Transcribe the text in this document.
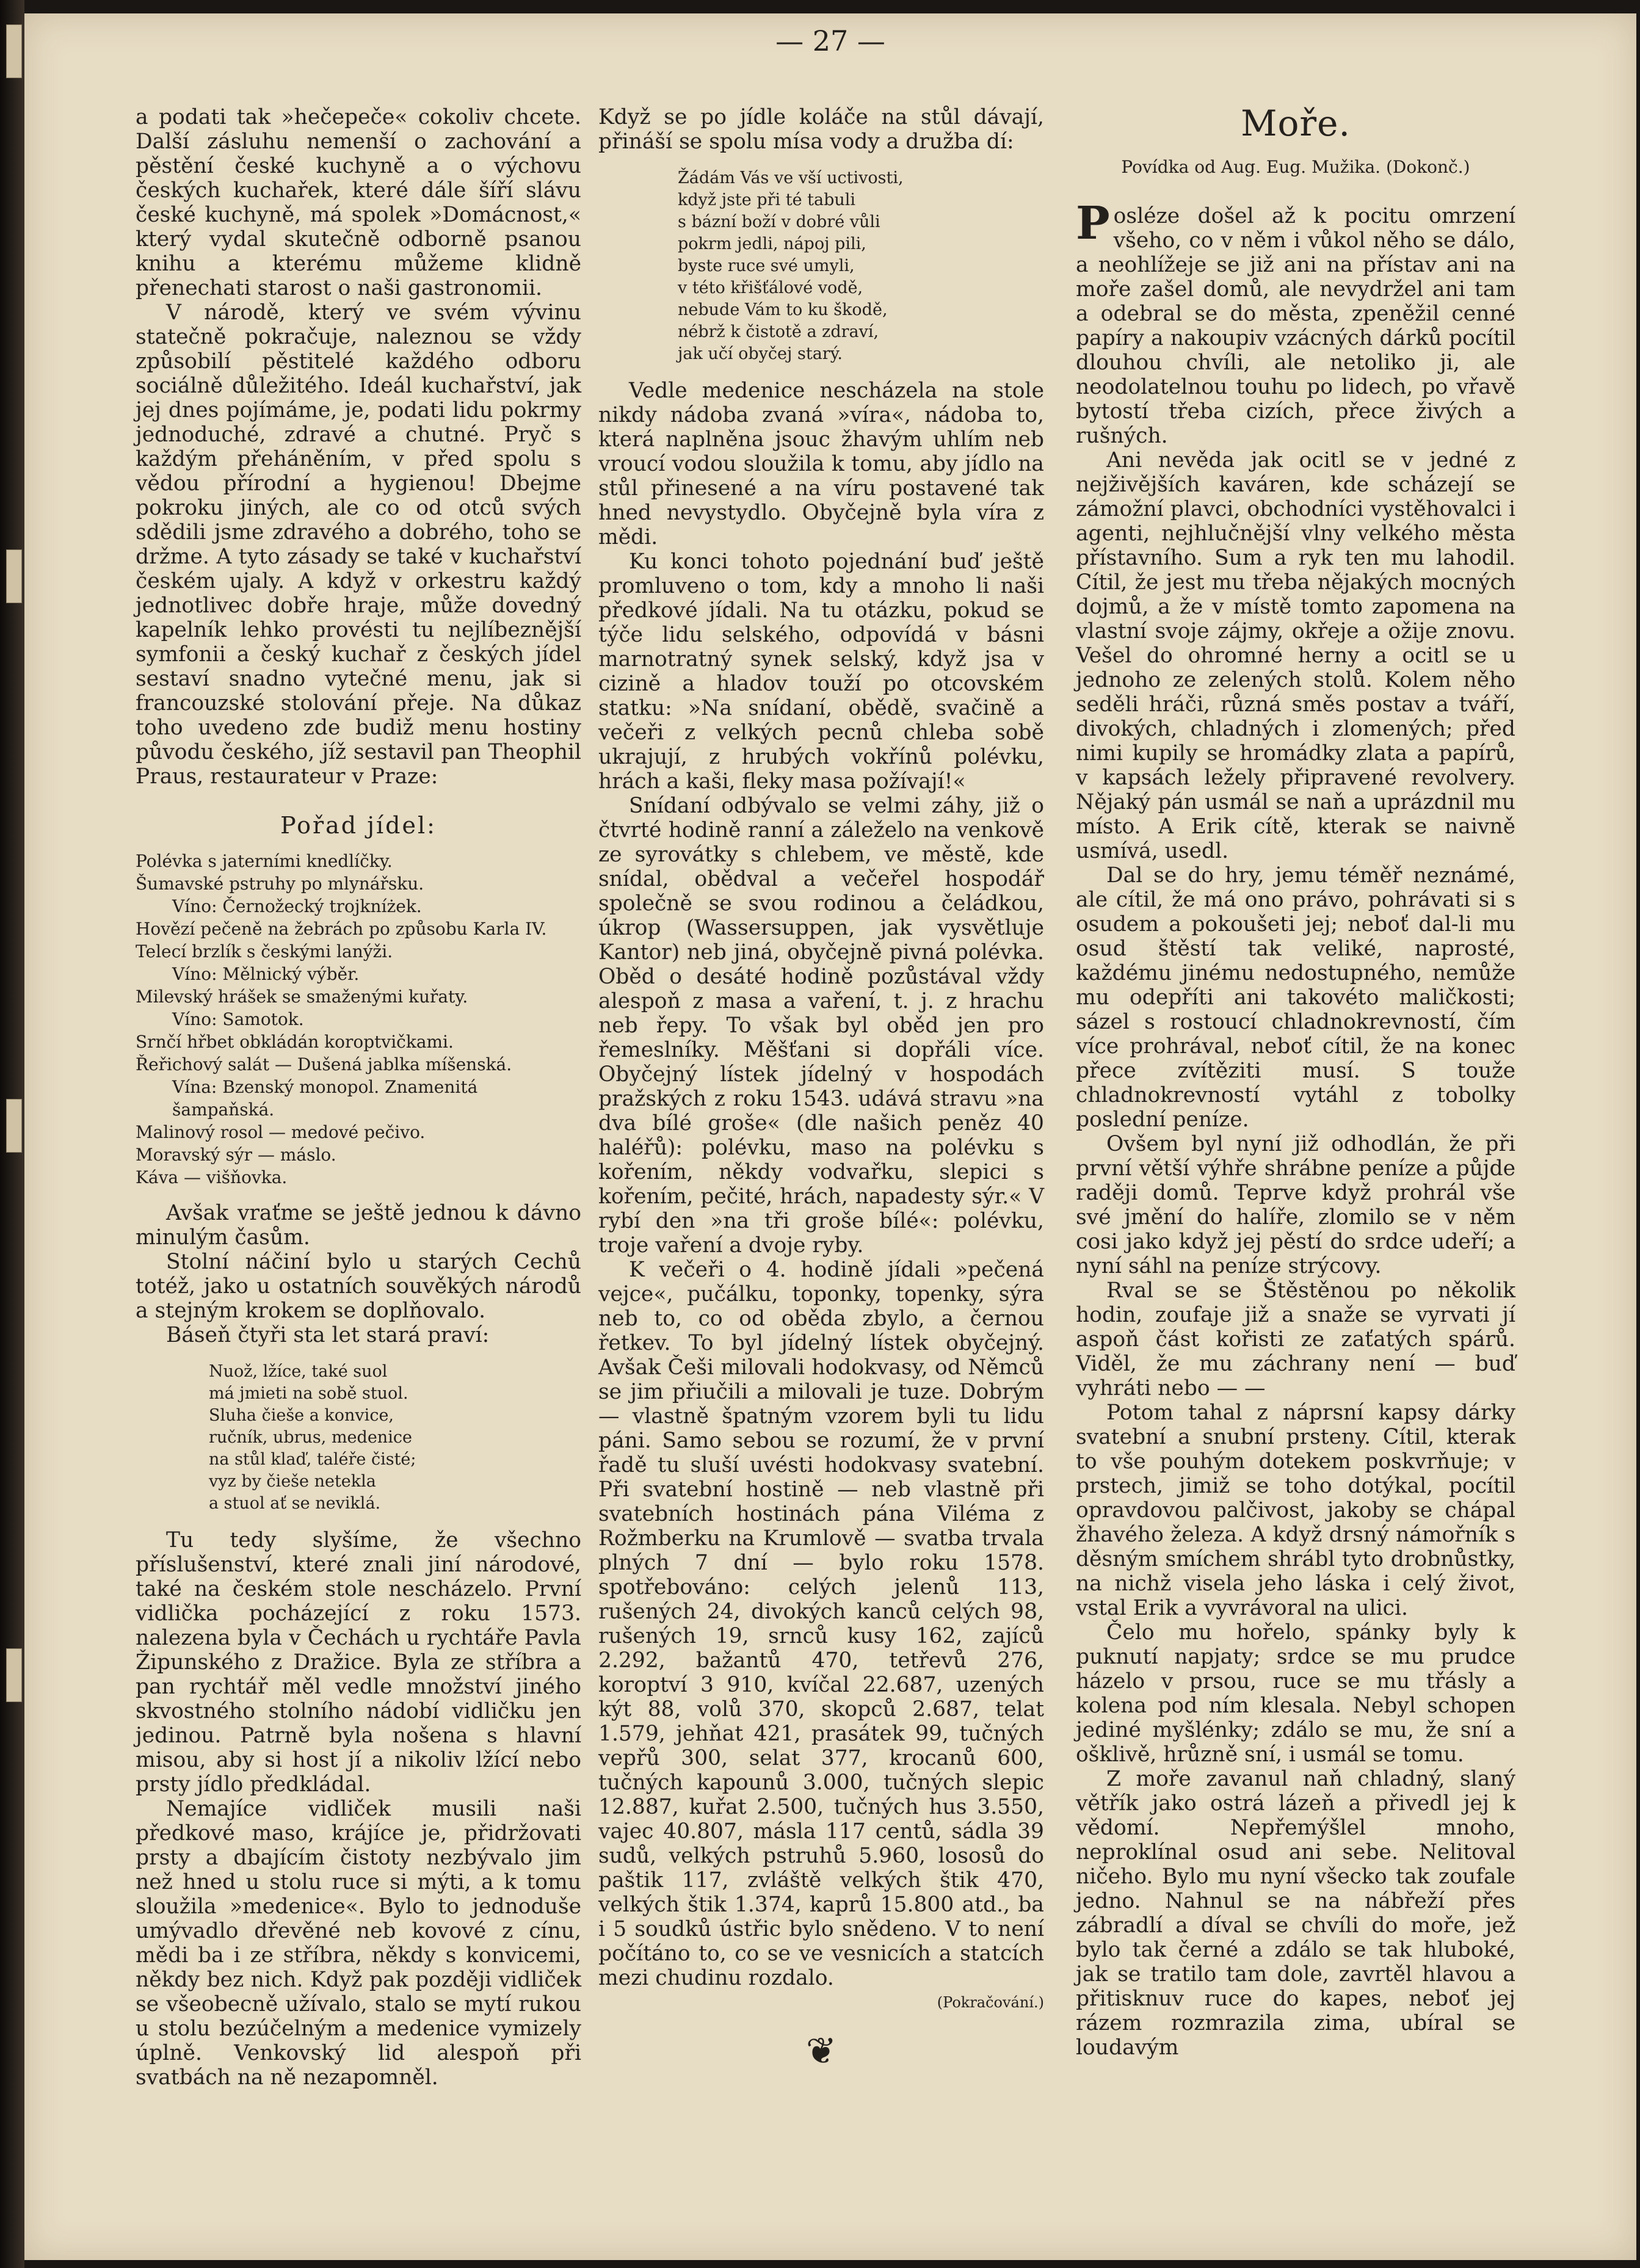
— 27 —

a podati tak »hečepeče« cokoliv chcete. Další zásluhu nemenší o zachování a pěstění české kuchyně a o výchovu českých kuchařek, které dále šíří slávu české kuchyně, má spolek »Domácnost,« který vydal skutečně odborně psanou knihu a kterému můžeme klidně přenechati starost o naši gastronomii.

V národě, který ve svém vývinu statečně pokračuje, naleznou se vždy způsobilí pěstitelé každého odboru sociálně důležitého. Ideál kuchařství, jak jej dnes pojímáme, je, podati lidu pokrmy jednoduché, zdravé a chutné. Pryč s každým přeháněním, v před spolu s vědou přírodní a hygienou! Dbejme pokroku jiných, ale co od otců svých sdědili jsme zdravého a dobrého, toho se držme. A tyto zásady se také v kuchařství českém ujaly. A když v orkestru každý jednotlivec dobře hraje, může dovedný kapelník lehko provésti tu nejlíbeznější symfonii a český kuchař z českých jídel sestaví snadno vytečné menu, jak si francouzské stolování přeje. Na důkaz toho uvedeno zde budiž menu hostiny původu českého, jíž sestavil pan Theophil Praus, restaurateur v Praze:

Pořad jídel:
Polévka s jaterními knedlíčky.
Šumavské pstruhy po mlynářsku.
Víno: Černožecký trojkníżek.
Hovězí pečeně na žebrách po způsobu Karla IV.
Telecí brzlík s českými lanýži.
Víno: Mělnický výběr.
Milevský hrášek se smaženými kuřaty.
Víno: Samotok.
Srnčí hřbet obkládán koroptvičkami.
Řeřichový salát — Dušená jablka míšenská.
Vína: Bzenský monopol. Znamenitá šampaňská.
Malinový rosol — medové pečivo.
Moravský sýr — máslo.
Káva — višňovka.

Avšak vraťme se ještě jednou k dávno minulým časům.

Stolní náčiní bylo u starých Cechů totéž, jako u ostatních souvěkých národů a stejným krokem se doplňovalo.

Báseň čtyři sta let stará praví:

Nuož, lžíce, také suol
má jmieti na sobě stuol.
Sluha čieše a konvice,
ručník, ubrus, medenice
na stůl klaď, taléře čisté;
vyz by čieše netekla
a stuol ať se neviklá.

Tu tedy slyšíme, že všechno příslušenství, které znali jiní národové, také na českém stole nescházelo. První vidlička pocházející z roku 1573. nalezena byla v Čechách u rychtáře Pavla Žipunského z Dražice. Byla ze stříbra a pan rychtář měl vedle množství jiného skvostného stolního nádobí vidličku jen jedinou. Patrně byla nošena s hlavní misou, aby si host jí a nikoliv lžící nebo prsty jídlo předkládal.

Nemajíce vidliček musili naši předkové maso, krájíce je, přidržovati prsty a dbajícím čistoty nezbývalo jim než hned u stolu ruce si mýti, a k tomu sloužila »medenice«. Bylo to jednoduše umývadlo dřevěné neb kovové z cínu, mědi ba i ze stříbra, někdy s konvicemi, někdy bez nich. Když pak později vidliček se všeobecně užívalo, stalo se mytí rukou u stolu bezúčelným a medenice vymizely úplně. Venkovský lid alespoň při svatbách na ně nezapomněl.

Když se po jídle koláče na stůl dávají, přináší se spolu mísa vody a družba dí:

Žádám Vás ve vší uctivosti,
když jste při té tabuli
s bázní boží v dobré vůli
pokrm jedli, nápoj pili,
byste ruce své umyli,
v této křišťálové vodě,
nebude Vám to ku škodě,
nébrž k čistotě a zdraví,
jak učí obyčej starý.

Vedle medenice nescházela na stole nikdy nádoba zvaná »víra«, nádoba to, která naplněna jsouc žhavým uhlím neb vroucí vodou sloužila k tomu, aby jídlo na stůl přinesené a na víru postavené tak hned nevystydlo. Obyčejně byla víra z mědi.

Ku konci tohoto pojednání buď ještě promluveno o tom, kdy a mnoho li naši předkové jídali. Na tu otázku, pokud se týče lidu selského, odpovídá v básni marnotratný synek selský, když jsa v cizině a hladov touží po otcovském statku: »Na snídaní, obědě, svačině a večeři z velkých pecnů chleba sobě ukrajují, z hrubých vokřínů polévku, hrách a kaši, fleky masa požívají!«

Snídaní odbývalo se velmi záhy, již o čtvrté hodině ranní a záleželo na venkově ze syrovátky s chlebem, ve městě, kde snídal, obědval a večeřel hospodář společně se svou rodinou a čeládkou, úkrop (Wassersuppen, jak vysvětluje Kantor) neb jiná, obyčejně pivná polévka. Oběd o desáté hodině pozůstával vždy alespoň z masa a vaření, t. j. z hrachu neb řepy. To však byl oběd jen pro řemeslníky. Měšťani si dopřáli více. Obyčejný lístek jídelný v hospodách pražských z roku 1543. udává stravu »na dva bílé groše« (dle našich peněz 40 haléřů): polévku, maso na polévku s kořením, někdy vodvařku, slepici s kořením, pečité, hrách, napadesty sýr.« V rybí den »na tři groše bílé«: polévku, troje vaření a dvoje ryby.

K večeři o 4. hodině jídali »pečená vejce«, pučálku, toponky, topenky, sýra neb to, co od oběda zbylo, a černou řetkev. To byl jídelný lístek obyčejný. Avšak Češi milovali hodokvasy, od Němců se jim přiučili a milovali je tuze. Dobrým — vlastně špatným vzorem byli tu lidu páni. Samo sebou se rozumí, že v první řadě tu sluší uvésti hodokvasy svatební. Při svatební hostině — neb vlastně při svatebních hostinách pána Viléma z Rožmberku na Krumlově — svatba trvala plných 7 dní — bylo roku 1578. spotřebováno: celých jelenů 113, rušených 24, divokých kanců celých 98, rušených 19, srnců kusy 162, zajíců 2.292, bažantů 470, tetřevů 276, koroptví 3 910, kvíčal 22.687, uzených kýt 88, volů 370, skopců 2.687, telat 1.579, jehňat 421, prasátek 99, tučných vepřů 300, selat 377, krocanů 600, tučných kapounů 3.000, tučných slepic 12.887, kuřat 2.500, tučných hus 3.550, vajec 40.807, másla 117 centů, sádla 39 sudů, velkých pstruhů 5.960, lososů do paštik 117, zvláště velkých štik 470, velkých štik 1.374, kaprů 15.800 atd., ba i 5 soudků ústřic bylo snědeno. V to není počítáno to, co se ve vesnicích a statcích mezi chudinu rozdalo.

(Pokračování.)
❦
Moře.
Povídka od Aug. Eug. Mužika. (Dokonč.)

Posléze došel až k pocitu omrzení všeho, co v něm i vůkol něho se dálo, a neohlížeje se již ani na přístav ani na moře zašel domů, ale nevydržel ani tam a odebral se do města, zpeněžil cenné papíry a nakoupiv vzácných dárků pocítil dlouhou chvíli, ale netoliko ji, ale neodolatelnou touhu po lidech, po vřavě bytostí třeba cizích, přece živých a rušných.

Ani nevěda jak ocitl se v jedné z nejživějších kaváren, kde scházejí se zámožní plavci, obchodníci vystěhovalci i agenti, nejhlučnější vlny velkého města přístavního. Sum a ryk ten mu lahodil. Cítil, že jest mu třeba nějakých mocných dojmů, a že v místě tomto zapomena na vlastní svoje zájmy, okřeje a ožije znovu. Vešel do ohromné herny a ocitl se u jednoho ze zelených stolů. Kolem něho seděli hráči, různá směs postav a tváří, divokých, chladných i zlomených; před nimi kupily se hromádky zlata a papírů, v kapsách ležely připravené revolvery. Nějaký pán usmál se naň a uprázdnil mu místo. A Erik cítě, kterak se naivně usmívá, usedl.

Dal se do hry, jemu téměř neznámé, ale cítil, že má ono právo, pohrávati si s osudem a pokoušeti jej; neboť dal-li mu osud štěstí tak veliké, naprosté, každému jinému nedostupného, nemůže mu odepříti ani takovéto maličkosti; sázel s rostoucí chladnokrevností, čím více prohrával, neboť cítil, že na konec přece zvítěziti musí. S touže chladnokrevností vytáhl z tobolky poslední peníze.

Ovšem byl nyní již odhodlán, že při první větší výhře shrábne peníze a půjde raději domů. Teprve když prohrál vše své jmění do halíře, zlomilo se v něm cosi jako když jej pěstí do srdce udeří; a nyní sáhl na peníze strýcovy.

Rval se se Štěstěnou po několik hodin, zoufaje již a snaže se vyrvati jí aspoň část kořisti ze zaťatých spárů. Viděl, že mu záchrany není — buď vyhráti nebo — —

Potom tahal z náprsní kapsy dárky svatební a snubní prsteny. Cítil, kterak to vše pouhým dotekem poskvrňuje; v prstech, jimiž se toho dotýkal, pocítil opravdovou palčivost, jakoby se chápal žhavého železa. A když drsný námořník s děsným smíchem shrábl tyto drobnůstky, na nichž visela jeho láska i celý život, vstal Erik a vyvrávoral na ulici.

Čelo mu hořelo, spánky byly k puknutí napjaty; srdce se mu prudce házelo v prsou, ruce se mu třásly a kolena pod ním klesala. Nebyl schopen jediné myšlénky; zdálo se mu, že sní a ošklivě, hrůzně sní, i usmál se tomu.

Z moře zavanul naň chladný, slaný větřík jako ostrá lázeň a přivedl jej k vědomí. Nepřemýšlel mnoho, neproklínal osud ani sebe. Nelitoval ničeho. Bylo mu nyní všecko tak zoufale jedno. Nahnul se na nábřeží přes zábradlí a díval se chvíli do moře, jež bylo tak černé a zdálo se tak hluboké, jak se tratilo tam dole, zavrtěl hlavou a přitisknuv ruce do kapes, neboť jej rázem rozmrazila zima, ubíral se loudavým
